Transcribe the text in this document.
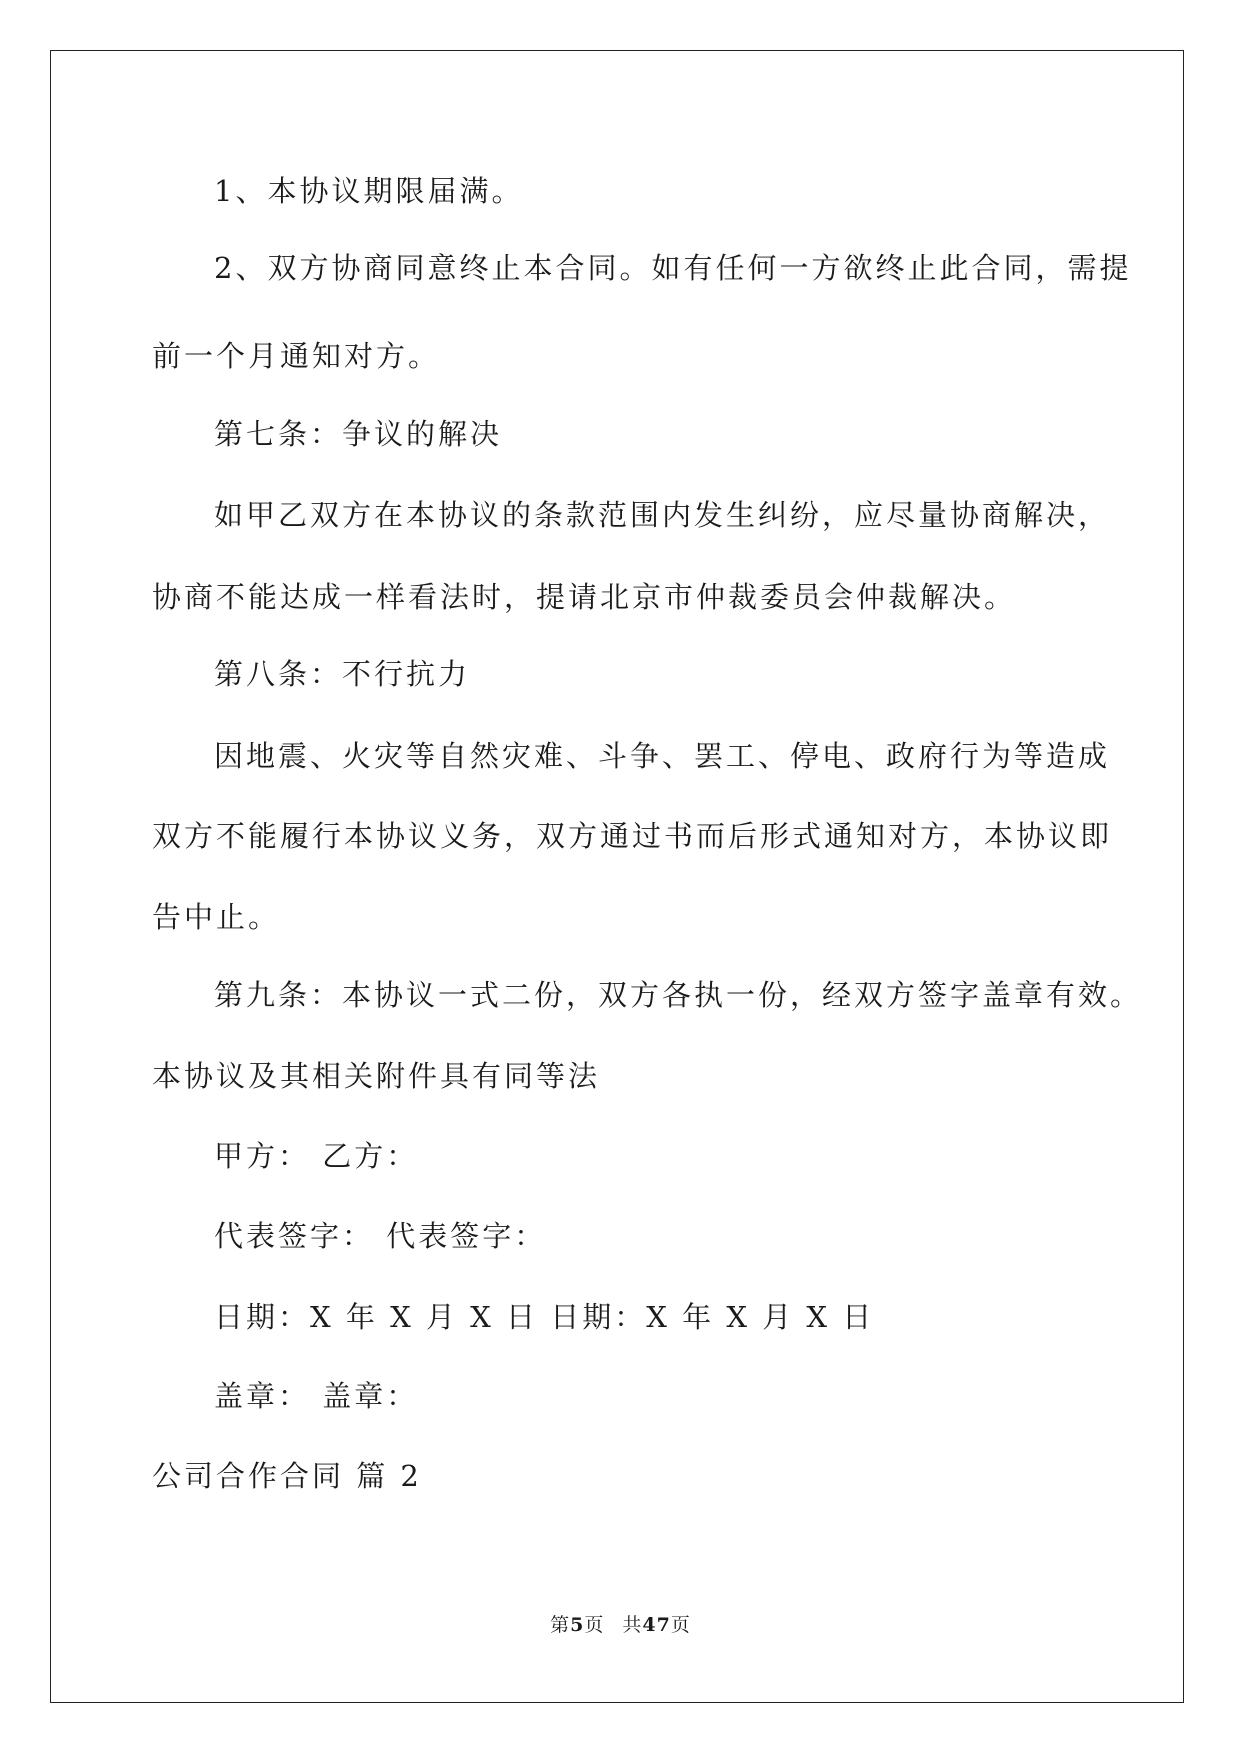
1、本协议期限届满。
2、双方协商同意终止本合同。如有任何一方欲终止此合同，需提
前一个月通知对方。
第七条：争议的解决
如甲乙双方在本协议的条款范围内发生纠纷，应尽量协商解决，
协商不能达成一样看法时，提请北京市仲裁委员会仲裁解决。
第八条：不行抗力
因地震、火灾等自然灾难、斗争、罢工、停电、政府行为等造成
双方不能履行本协议义务，双方通过书而后形式通知对方，本协议即
告中止。
第九条：本协议一式二份，双方各执一份，经双方签字盖章有效。
本协议及其相关附件具有同等法
甲方： 乙方：
代表签字： 代表签字：
日期：X 年 X 月 X 日 日期：X 年 X 月 X 日
盖章： 盖章：
公司合作合同 篇 2
第5页 共47页
